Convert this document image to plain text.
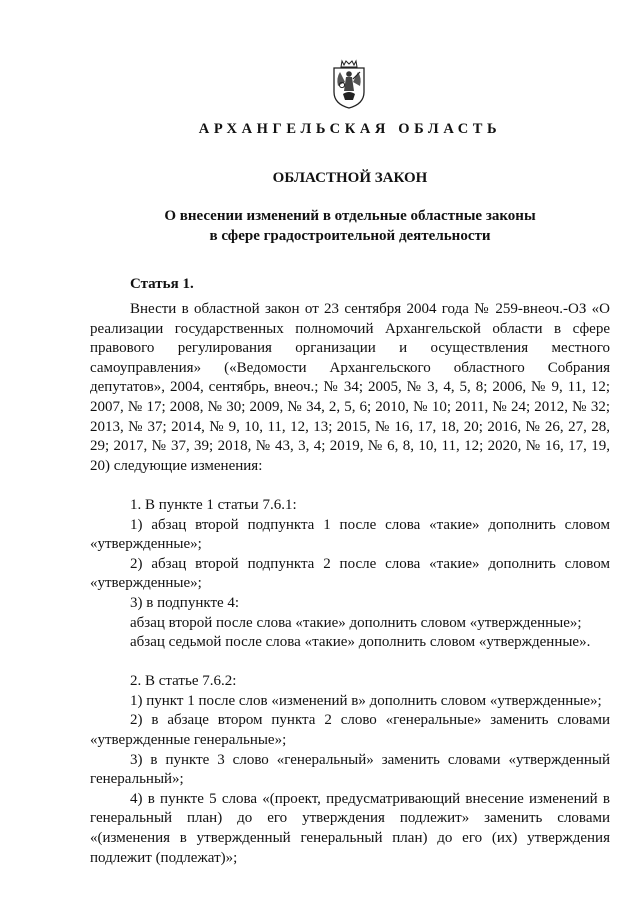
АРХАНГЕЛЬСКАЯ ОБЛАСТЬ
ОБЛАСТНОЙ ЗАКОН
О внесении изменений в отдельные областные законы
в сфере градостроительной деятельности
Статья 1.

Внести в областной закон от 23 сентября 2004 года № 259-внеоч.-ОЗ «О реализации государственных полномочий Архангельской области в сфере правового регулирования организации и осуществления местного самоуправления» («Ведомости Архангельского областного Собрания депутатов», 2004, сентябрь, внеоч.; № 34; 2005, № 3, 4, 5, 8; 2006, № 9, 11, 12; 2007, № 17; 2008, № 30; 2009, № 34, 2, 5, 6; 2010, № 10; 2011, № 24; 2012, № 32; 2013, № 37; 2014, № 9, 10, 11, 12, 13; 2015, № 16, 17, 18, 20; 2016, № 26, 27, 28, 29; 2017, № 37, 39; 2018, № 43, 3, 4; 2019, № 6, 8, 10, 11, 12; 2020, № 16, 17, 19, 20) следующие изменения:

1. В пункте 1 статьи 7.6.1:

1) абзац второй подпункта 1 после слова «такие» дополнить словом «утвержденные»;

2) абзац второй подпункта 2 после слова «такие» дополнить словом «утвержденные»;

3) в подпункте 4:

абзац второй после слова «такие» дополнить словом «утвержденные»;

абзац седьмой после слова «такие» дополнить словом «утвержденные».

2. В статье 7.6.2:

1) пункт 1 после слов «изменений в» дополнить словом «утвержденные»;

2) в абзаце втором пункта 2 слово «генеральные» заменить словами «утвержденные генеральные»;

3) в пункте 3 слово «генеральный» заменить словами «утвержденный генеральный»;

4) в пункте 5 слова «(проект, предусматривающий внесение изменений в генеральный план) до его утверждения подлежит» заменить словами «(изменения в утвержденный генеральный план) до его (их) утверждения подлежит (подлежат)»;
